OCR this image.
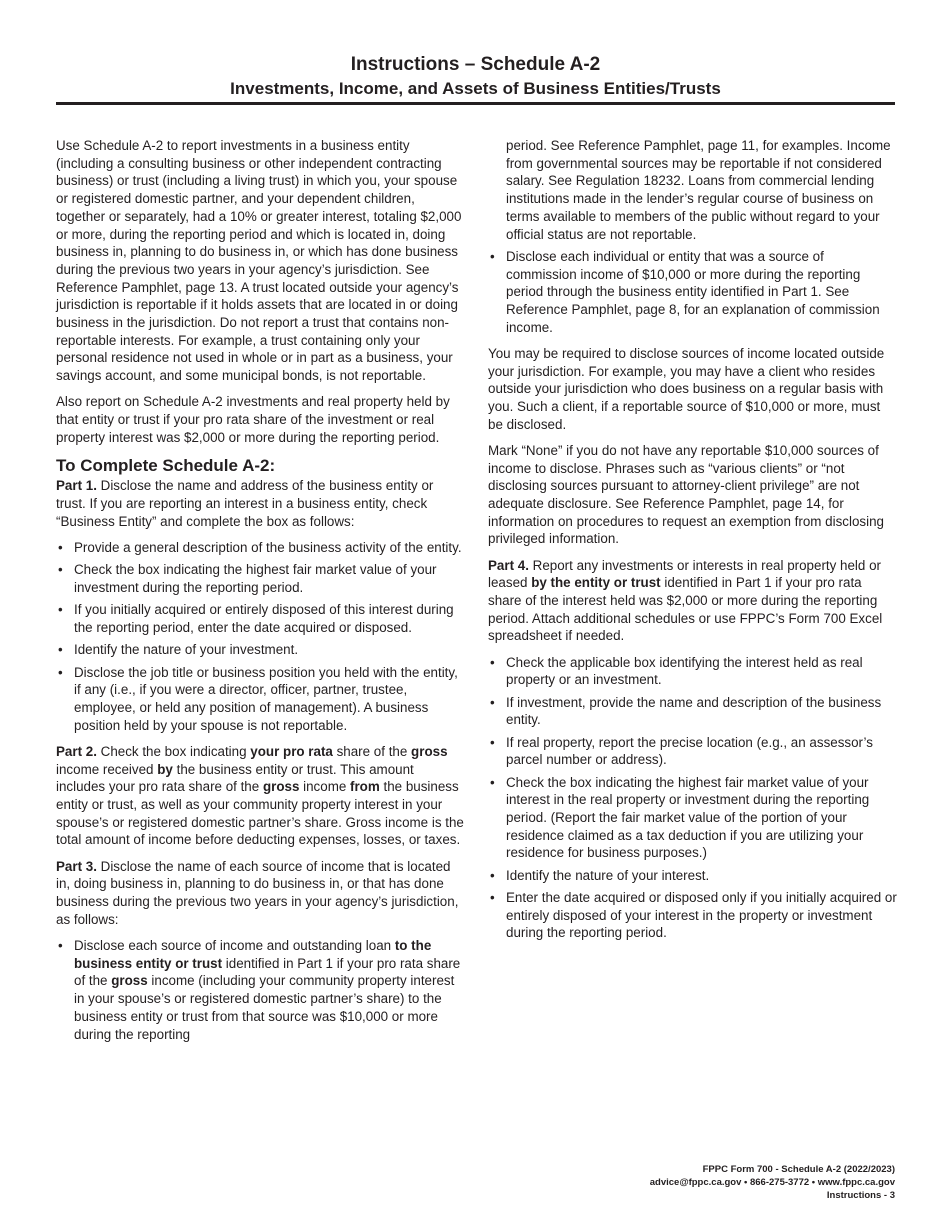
Instructions – Schedule A-2
Investments, Income, and Assets of Business Entities/Trusts

Use Schedule A-2 to report investments in a business entity (including a consulting business or other independent contracting business) or trust (including a living trust) in which you, your spouse or registered domestic partner, and your dependent children, together or separately, had a 10% or greater interest, totaling $2,000 or more, during the reporting period and which is located in, doing business in, planning to do business in, or which has done business during the previous two years in your agency’s jurisdiction. See Reference Pamphlet, page 13. A trust located outside your agency’s jurisdiction is reportable if it holds assets that are located in or doing business in the jurisdiction. Do not report a trust that contains non-reportable interests. For example, a trust containing only your personal residence not used in whole or in part as a business, your savings account, and some municipal bonds, is not reportable.

Also report on Schedule A-2 investments and real property held by that entity or trust if your pro rata share of the investment or real property interest was $2,000 or more during the reporting period.

To Complete Schedule A-2:

Part 1. Disclose the name and address of the business entity or trust. If you are reporting an interest in a business entity, check “Business Entity” and complete the box as follows:

• Provide a general description of the business activity of the entity.
• Check the box indicating the highest fair market value of your investment during the reporting period.
• If you initially acquired or entirely disposed of this interest during the reporting period, enter the date acquired or disposed.
• Identify the nature of your investment.
• Disclose the job title or business position you held with the entity, if any (i.e., if you were a director, officer, partner, trustee, employee, or held any position of management). A business position held by your spouse is not reportable.

Part 2. Check the box indicating your pro rata share of the gross income received by the business entity or trust. This amount includes your pro rata share of the gross income from the business entity or trust, as well as your community property interest in your spouse’s or registered domestic partner’s share. Gross income is the total amount of income before deducting expenses, losses, or taxes.

Part 3. Disclose the name of each source of income that is located in, doing business in, planning to do business in, or that has done business during the previous two years in your agency’s jurisdiction, as follows:

• Disclose each source of income and outstanding loan to the business entity or trust identified in Part 1 if your pro rata share of the gross income (including your community property interest in your spouse’s or registered domestic partner’s share) to the business entity or trust from that source was $10,000 or more during the reporting
period. See Reference Pamphlet, page 11, for examples. Income from governmental sources may be reportable if not considered salary. See Regulation 18232. Loans from commercial lending institutions made in the lender’s regular course of business on terms available to members of the public without regard to your official status are not reportable.
• Disclose each individual or entity that was a source of commission income of $10,000 or more during the reporting period through the business entity identified in Part 1. See Reference Pamphlet, page 8, for an explanation of commission income.

You may be required to disclose sources of income located outside your jurisdiction. For example, you may have a client who resides outside your jurisdiction who does business on a regular basis with you. Such a client, if a reportable source of $10,000 or more, must be disclosed.

Mark “None” if you do not have any reportable $10,000 sources of income to disclose. Phrases such as “various clients” or “not disclosing sources pursuant to attorney-client privilege” are not adequate disclosure. See Reference Pamphlet, page 14, for information on procedures to request an exemption from disclosing privileged information.

Part 4. Report any investments or interests in real property held or leased by the entity or trust identified in Part 1 if your pro rata share of the interest held was $2,000 or more during the reporting period. Attach additional schedules or use FPPC’s Form 700 Excel spreadsheet if needed.

• Check the applicable box identifying the interest held as real property or an investment.
• If investment, provide the name and description of the business entity.
• If real property, report the precise location (e.g., an assessor’s parcel number or address).
• Check the box indicating the highest fair market value of your interest in the real property or investment during the reporting period. (Report the fair market value of the portion of your residence claimed as a tax deduction if you are utilizing your residence for business purposes.)
• Identify the nature of your interest.
• Enter the date acquired or disposed only if you initially acquired or entirely disposed of your interest in the property or investment during the reporting period.
FPPC Form 700 - Schedule A-2 (2022/2023)
advice@fppc.ca.gov • 866-275-3772 • www.fppc.ca.gov
Instructions - 3
